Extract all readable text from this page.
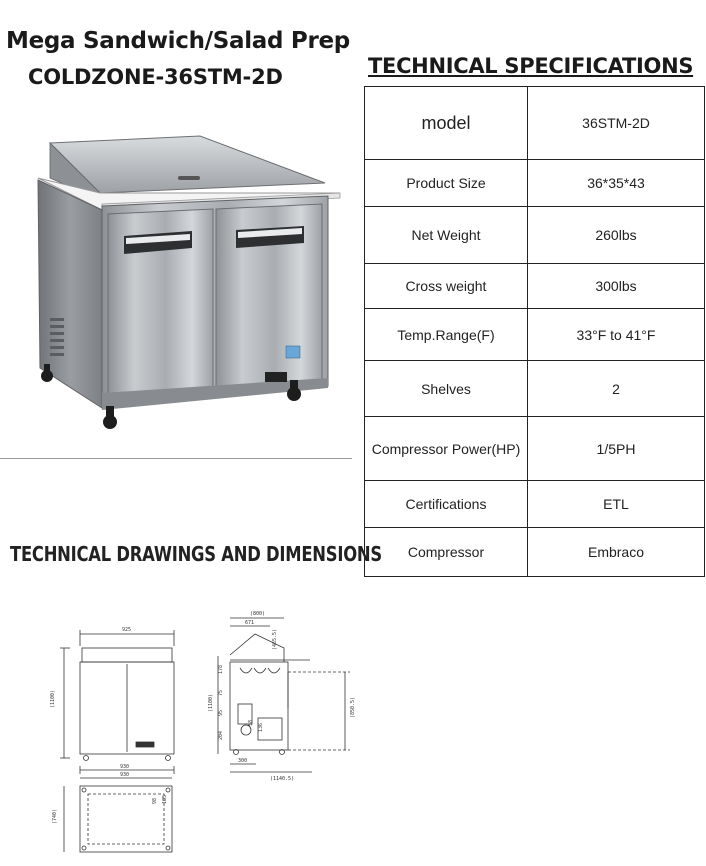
Mega Sandwich/Salad Prep
COLDZONE-36STM-2D	TECHNICAL SPECIFICATIONS
model	36STM-2D
Product Size	36*35*43
Net Weight	260lbs
Cross weight	300lbs
Temp.Range(F)	33°F to 41°F
Shelves	2
Compressor Power(HP)	1/5PH
Certifications	ETL
Compressor	Embraco
TECHNICAL DRAWINGS AND DIMENSIONS
925
(1100)
930
(800)
671
(465.5)
(1100)	(850.5)
300
(1140.5)
178
75
95
58
204
136
98 185
930
(740)
